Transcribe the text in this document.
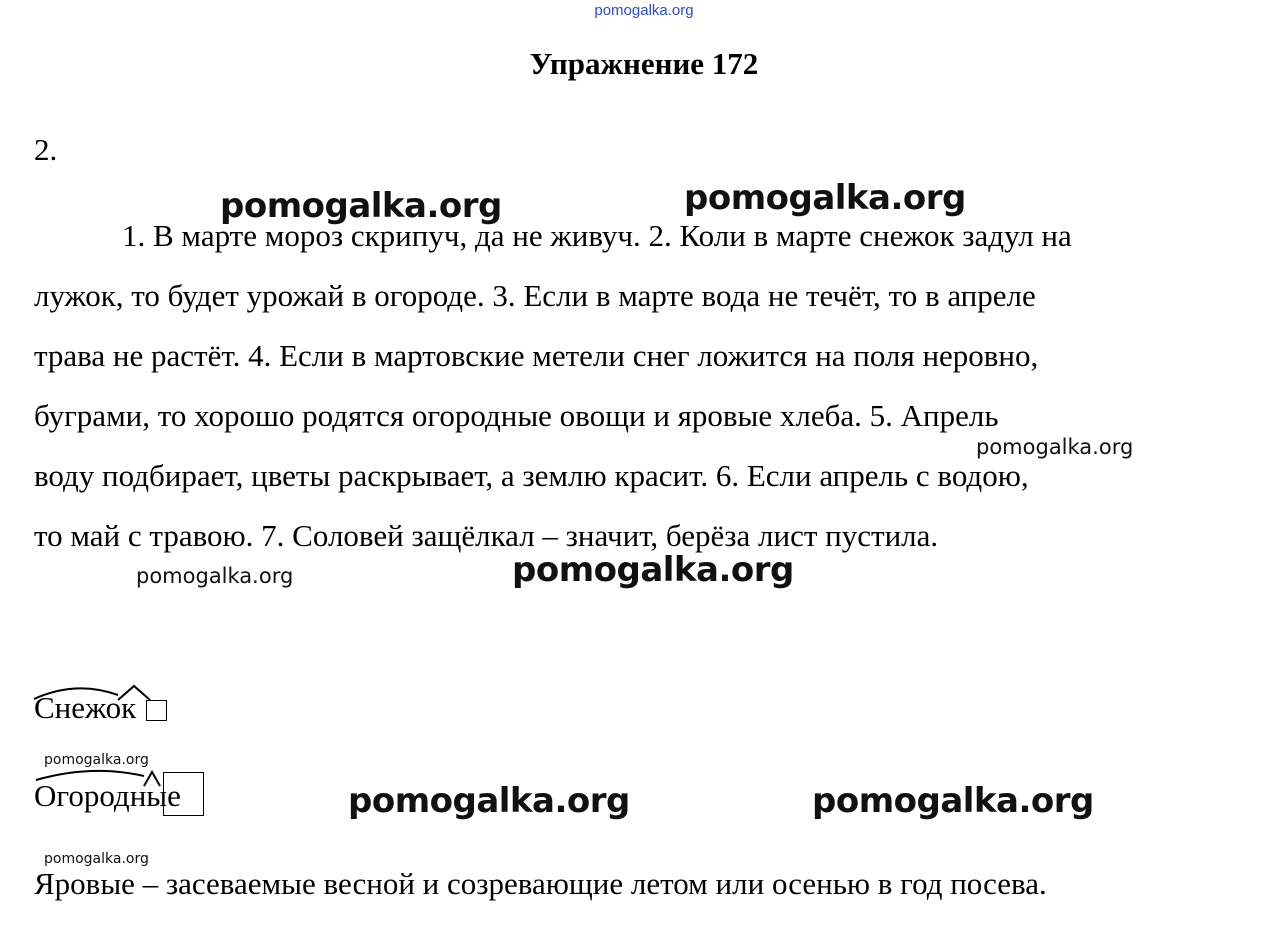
pomogalka.org
Упражнение 172
2.
1. В марте мороз скрипуч, да не живуч. 2. Коли в марте снежок задул на
лужок, то будет урожай в огороде. 3. Если в марте вода не течёт, то в апреле
трава не растёт. 4. Если в мартовские метели снег ложится на поля неровно,
буграми, то хорошо родятся огородные овощи и яровые хлеба. 5. Апрель
воду подбирает, цветы раскрывает, а землю красит. 6. Если апрель с водою,
то май с травою. 7. Соловей защёлкал – значит, берёза лист пустила.
Снежок
pomogalka.org
Огородные
pomogalka.org
Яровые – засеваемые весной и созревающие летом или осенью в год посева.
pomogalka.org	pomogalka.org
pomogalka.org
pomogalka.org	pomogalka.org
pomogalka.org	pomogalka.org
